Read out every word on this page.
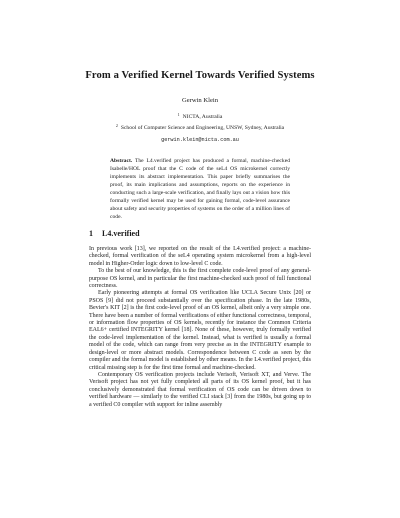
From a Verified Kernel Towards Verified Systems
Gerwin Klein
$^1$ NICTA, Australia
$^2$ School of Computer Science and Engineering, UNSW, Sydney, Australia
gerwin.klein@nicta.com.au
Abstract. The L4.verified project has produced a formal, machine-checked Isabelle/HOL proof that the C code of the seL4 OS microkernel correctly implements its abstract implementation. This paper briefly summarises the proof, its main implications and assumptions, reports on the experience in conducting such a large-scale verification, and finally lays out a vision how this formally verified kernel may be used for gaining formal, code-level assurance about safety and security properties of systems on the order of a million lines of code.
1 L4.verified

In previous work [13], we reported on the result of the L4.verified project: a machine-checked, formal verification of the seL4 operating system microkernel from a high-level model in Higher-Order logic down to low-level C code.

To the best of our knowledge, this is the first complete code-level proof of any general-purpose OS kernel, and in particular the first machine-checked such proof of full functional correctness.

Early pioneering attempts at formal OS verification like UCLA Secure Unix [20] or PSOS [9] did not proceed substantially over the specification phase. In the late 1980s, Bevier's KIT [2] is the first code-level proof of an OS kernel, albeit only a very simple one. There have been a number of formal verifications of either functional correctness, temporal, or information flow properties of OS kernels, recently for instance the Common Criteria EAL6+ certified INTEGRITY kernel [18]. None of these, however, truly formally verified the code-level implementation of the kernel. Instead, what is verified is usually a formal model of the code, which can range from very precise as in the INTEGRITY example to design-level or more abstract models. Correspondence between C code as seen by the compiler and the formal model is established by other means. In the L4.verified project, this critical missing step is for the first time formal and machine-checked.

Contemporary OS verification projects include Verisoft, Verisoft XT, and Verve. The Verisoft project has not yet fully completed all parts of its OS kernel proof, but it has conclusively demonstrated that formal verification of OS code can be driven down to verified hardware — similarly to the verified CLI stack [3] from the 1980s, but going up to a verified C0 compiler with support for inline assembly
